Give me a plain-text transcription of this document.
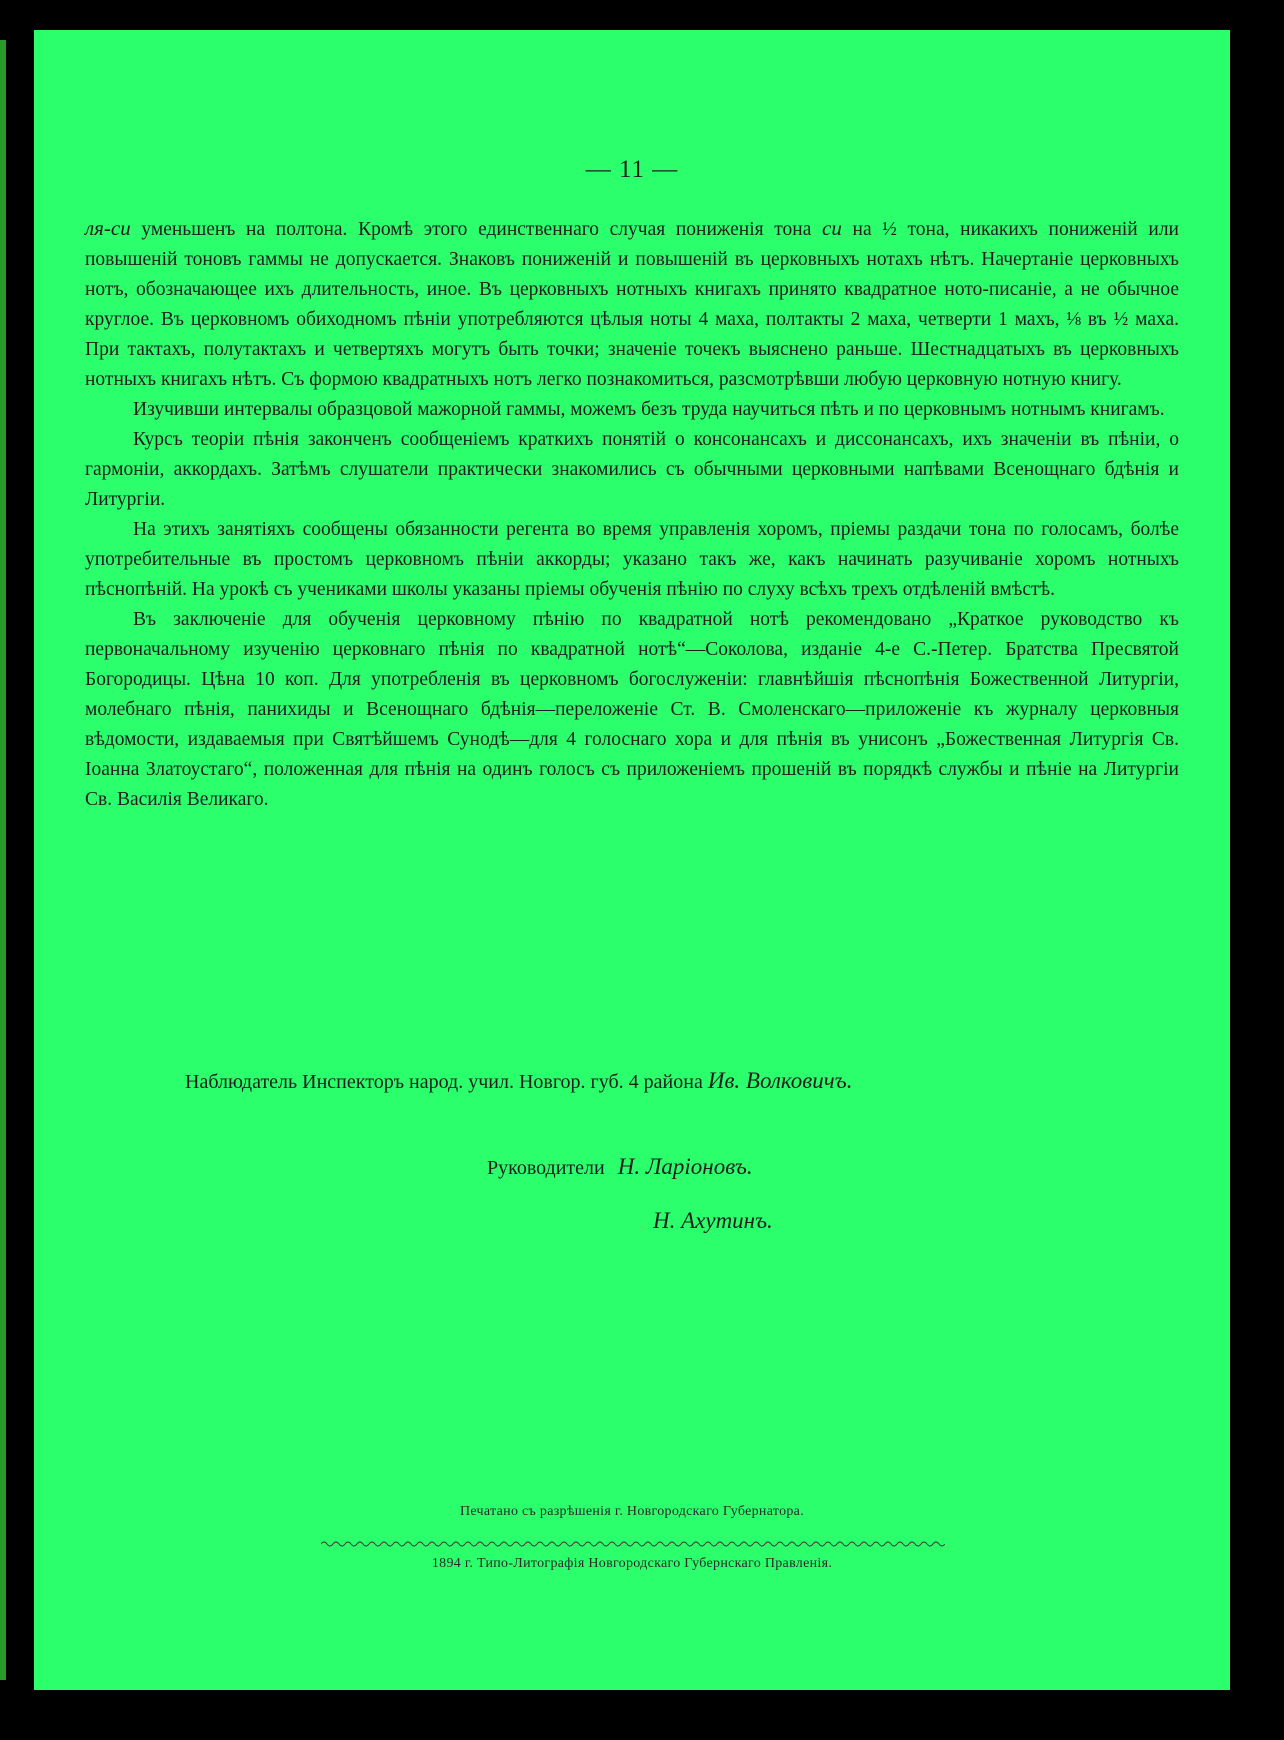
— 11 —

ля-си уменьшенъ на полтона. Кромѣ этого единственнаго случая пониженія тона си на ½ тона, никакихъ пониженій или повышеній тоновъ гаммы не допускается. Знаковъ пониженій и повышеній въ церковныхъ нотахъ нѣтъ. Начертаніе церковныхъ нотъ, обозначающее ихъ длительность, иное. Въ церковныхъ нотныхъ книгахъ принято квадратное ното-писаніе, а не обычное круглое. Въ церковномъ обиходномъ пѣніи употребляются цѣлыя ноты 4 маха, полтакты 2 маха, четверти 1 махъ, ⅛ въ ½ маха. При тактахъ, полутактахъ и четвертяхъ могутъ быть точки; значеніе точекъ выяснено раньше. Шестнадцатыхъ въ церковныхъ нотныхъ книгахъ нѣтъ. Съ формою квадратныхъ нотъ легко познакомиться, разсмотрѣвши любую церковную нотную книгу.

Изучивши интервалы образцовой мажорной гаммы, можемъ безъ труда научиться пѣть и по церковнымъ нотнымъ книгамъ.

Курсъ теоріи пѣнія законченъ сообщеніемъ краткихъ понятій о консонансахъ и диссонансахъ, ихъ значеніи въ пѣніи, о гармоніи, аккордахъ. Затѣмъ слушатели практически знакомились съ обычными церковными напѣвами Всенощнаго бдѣнія и Литургіи.

На этихъ занятіяхъ сообщены обязанности регента во время управленія хоромъ, пріемы раздачи тона по голосамъ, болѣе употребительные въ простомъ церковномъ пѣніи аккорды; указано такъ же, какъ начинать разучиваніе хоромъ нотныхъ пѣснопѣній. На урокѣ съ учениками школы указаны пріемы обученія пѣнію по слуху всѣхъ трехъ отдѣленій вмѣстѣ.

Въ заключеніе для обученія церковному пѣнію по квадратной нотѣ рекомендовано „Краткое руководство къ первоначальному изученію церковнаго пѣнія по квадратной нотѣ“—Соколова, изданіе 4-е С.-Петер. Братства Пресвятой Богородицы. Цѣна 10 коп. Для употребленія въ церковномъ богослуженіи: главнѣйшія пѣснопѣнія Божественной Литургіи, молебнаго пѣнія, панихиды и Всенощнаго бдѣнія—переложеніе Ст. В. Смоленскаго—приложеніе къ журналу церковныя вѣдомости, издаваемыя при Святѣйшемъ Сунодѣ—для 4 голоснаго хора и для пѣнія въ унисонъ „Божественная Литургія Св. Іоанна Златоустаго“, положенная для пѣнія на одинъ голосъ съ приложеніемъ прошеній въ порядкѣ службы и пѣніе на Литургіи Св. Василія Великаго.

Наблюдатель Инспекторъ народ. учил. Новгор. губ. 4 района Ив. Волковичъ.
Руководители Н. Ларіоновъ.
Н. Ахутинъ.
Печатано съ разрѣшенія г. Новгородскаго Губернатора.
1894 г. Типо-Литографія Новгородскаго Губернскаго Правленія.
